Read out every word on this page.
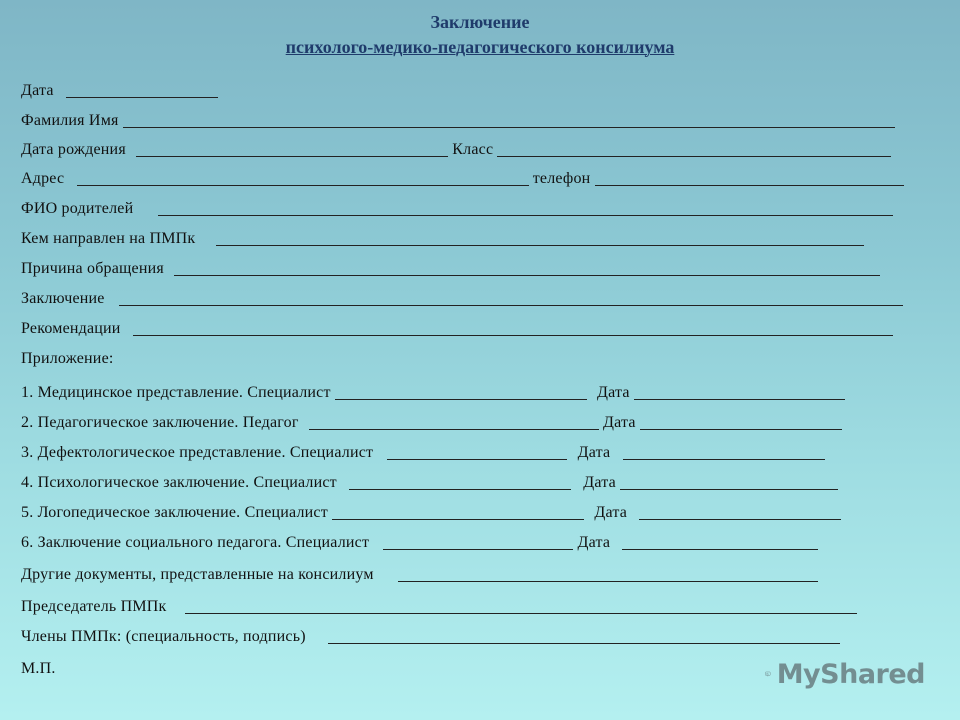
Заключение
психолого-медико-педагогического консилиума
Дата
Фамилия Имя
Дата рождения	Класс
Адрес	телефон
ФИО родителей
Кем направлен на ПМПк
Причина обращения
Заключение
Рекомендации
Приложение:
1. Медицинское представление. Специалист	Дата
2. Педагогическое заключение. Педагог	Дата
3. Дефектологическое представление. Специалист	Дата
4. Психологическое заключение. Специалист	Дата
5. Логопедическое заключение. Специалист	Дата
6. Заключение социального педагога. Специалист	Дата
Другие документы, представленные на консилиум
Председатель ПМПк
Члены ПМПк: (специальность, подпись)
М.П.	MyShared
